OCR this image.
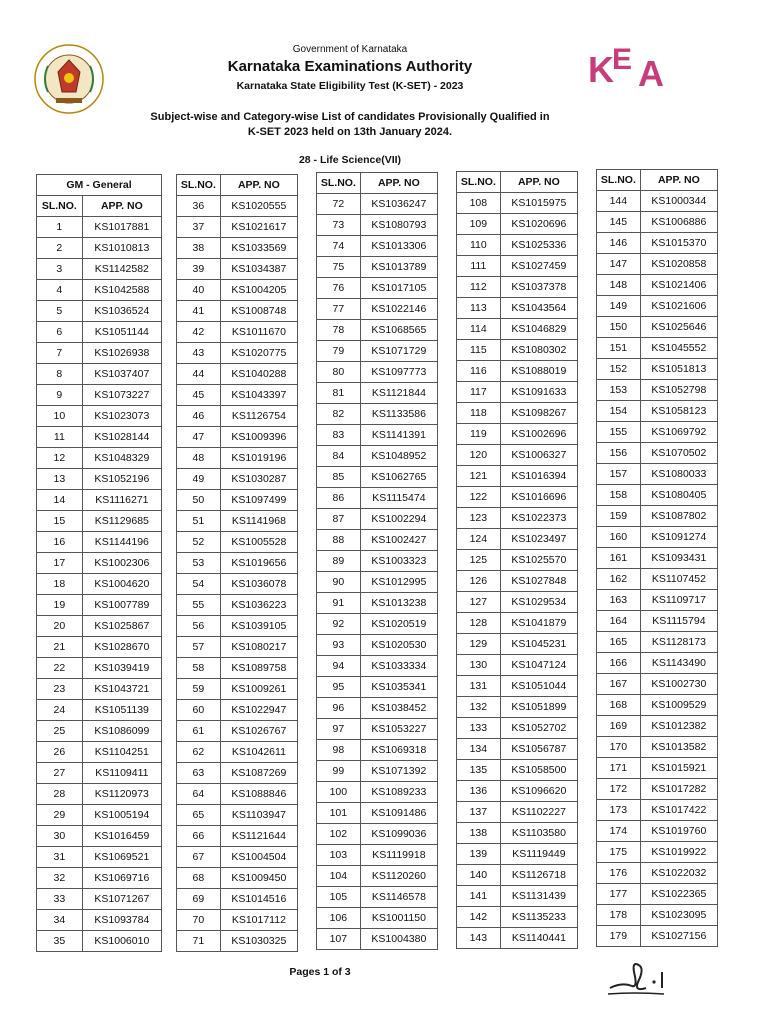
Government of Karnataka
Karnataka Examinations Authority
Karnataka State Eligibility Test (K-SET) - 2023	K
E A
Subject-wise and Category-wise List of candidates Provisionally Qualified in
K-SET 2023 held on 13th January 2024.
28 - Life Science(VII)
GM - General	
SL.NO.	APP. NO
1	KS1017881
2	KS1010813
3	KS1142582
4	KS1042588
5	KS1036524
6	KS1051144
7	KS1026938
8	KS1037407
9	KS1073227
10	KS1023073
11	KS1028144
12	KS1048329
13	KS1052196
14	KS1116271
15	KS1129685
16	KS1144196
17	KS1002306
18	KS1004620
19	KS1007789
20	KS1025867
21	KS1028670
22	KS1039419
23	KS1043721
24	KS1051139
25	KS1086099
26	KS1104251
27	KS1109411
28	KS1120973
29	KS1005194
30	KS1016459
31	KS1069521
32	KS1069716
33	KS1071267
34	KS1093784
35	KS1006010
SL.NO.	APP. NO
36	KS1020555
37	KS1021617
38	KS1033569
39	KS1034387
40	KS1004205
41	KS1008748
42	KS1011670
43	KS1020775
44	KS1040288
45	KS1043397
46	KS1126754
47	KS1009396
48	KS1019196
49	KS1030287
50	KS1097499
51	KS1141968
52	KS1005528
53	KS1019656
54	KS1036078
55	KS1036223
56	KS1039105
57	KS1080217
58	KS1089758
59	KS1009261
60	KS1022947
61	KS1026767
62	KS1042611
63	KS1087269
64	KS1088846
65	KS1103947
66	KS1121644
67	KS1004504
68	KS1009450
69	KS1014516
70	KS1017112
71	KS1030325
SL.NO.	APP. NO
72	KS1036247
73	KS1080793
74	KS1013306
75	KS1013789
76	KS1017105
77	KS1022146
78	KS1068565
79	KS1071729
80	KS1097773
81	KS1121844
82	KS1133586
83	KS1141391
84	KS1048952
85	KS1062765
86	KS1115474
87	KS1002294
88	KS1002427
89	KS1003323
90	KS1012995
91	KS1013238
92	KS1020519
93	KS1020530
94	KS1033334
95	KS1035341
96	KS1038452
97	KS1053227
98	KS1069318
99	KS1071392
100	KS1089233
101	KS1091486
102	KS1099036
103	KS1119918
104	KS1120260
105	KS1146578
106	KS1001150
107	KS1004380
SL.NO.	APP. NO
108	KS1015975
109	KS1020696
110	KS1025336
111	KS1027459
112	KS1037378
113	KS1043564
114	KS1046829
115	KS1080302
116	KS1088019
117	KS1091633
118	KS1098267
119	KS1002696
120	KS1006327
121	KS1016394
122	KS1016696
123	KS1022373
124	KS1023497
125	KS1025570
126	KS1027848
127	KS1029534
128	KS1041879
129	KS1045231
130	KS1047124
131	KS1051044
132	KS1051899
133	KS1052702
134	KS1056787
135	KS1058500
136	KS1096620
137	KS1102227
138	KS1103580
139	KS1119449
140	KS1126718
141	KS1131439
142	KS1135233
143	KS1140441
SL.NO.	APP. NO
144	KS1000344
145	KS1006886
146	KS1015370
147	KS1020858
148	KS1021406
149	KS1021606
150	KS1025646
151	KS1045552
152	KS1051813
153	KS1052798
154	KS1058123
155	KS1069792
156	KS1070502
157	KS1080033
158	KS1080405
159	KS1087802
160	KS1091274
161	KS1093431
162	KS1107452
163	KS1109717
164	KS1115794
165	KS1128173
166	KS1143490
167	KS1002730
168	KS1009529
169	KS1012382
170	KS1013582
171	KS1015921
172	KS1017282
173	KS1017422
174	KS1019760
175	KS1019922
176	KS1022032
177	KS1022365
178	KS1023095
179	KS1027156
Pages 1 of 3
